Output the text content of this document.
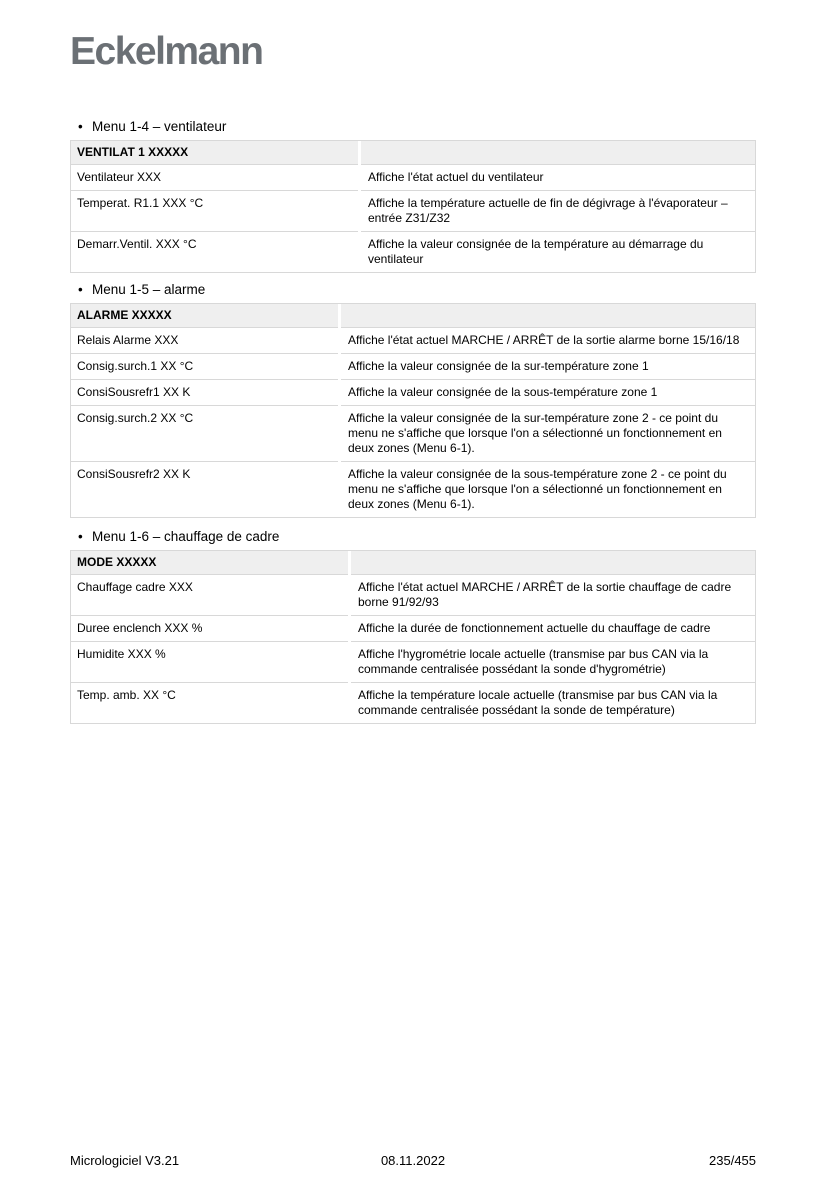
Eckelmann
• Menu 1-4 – ventilateur
VENTILAT 1 XXXXX		
Ventilateur XXX		Affiche l'état actuel du ventilateur
Temperat. R1.1 XXX °C		Affiche la température actuelle de fin de dégivrage à l'évaporateur – entrée Z31/Z32
Demarr.Ventil. XXX °C		Affiche la valeur consignée de la température au démarrage du ventilateur
• Menu 1-5 – alarme
ALARME XXXXX		
Relais Alarme XXX		Affiche l'état actuel MARCHE / ARRÊT de la sortie alarme borne 15/16/18
Consig.surch.1 XX °C		Affiche la valeur consignée de la sur-température zone 1
ConsiSousrefr1 XX K		Affiche la valeur consignée de la sous-température zone 1
Consig.surch.2 XX °C		Affiche la valeur consignée de la sur-température zone 2 - ce point du menu ne s'affiche que lorsque l'on a sélectionné un fonctionnement en deux zones (Menu 6-1).
ConsiSousrefr2 XX K		Affiche la valeur consignée de la sous-température zone 2 - ce point du menu ne s'affiche que lorsque l'on a sélectionné un fonctionnement en deux zones (Menu 6-1).
• Menu 1-6 – chauffage de cadre
MODE XXXXX		
Chauffage cadre XXX		Affiche l'état actuel MARCHE / ARRÊT de la sortie chauffage de cadre borne 91/92/93
Duree enclench XXX %		Affiche la durée de fonctionnement actuelle du chauffage de cadre
Humidite XXX %		Affiche l'hygrométrie locale actuelle (transmise par bus CAN via la commande centralisée possédant la sonde d'hygrométrie)
Temp. amb. XX °C		Affiche la température locale actuelle (transmise par bus CAN via la commande centralisée possédant la sonde de température)
Micrologiciel V3.21	08.11.2022	235/455
